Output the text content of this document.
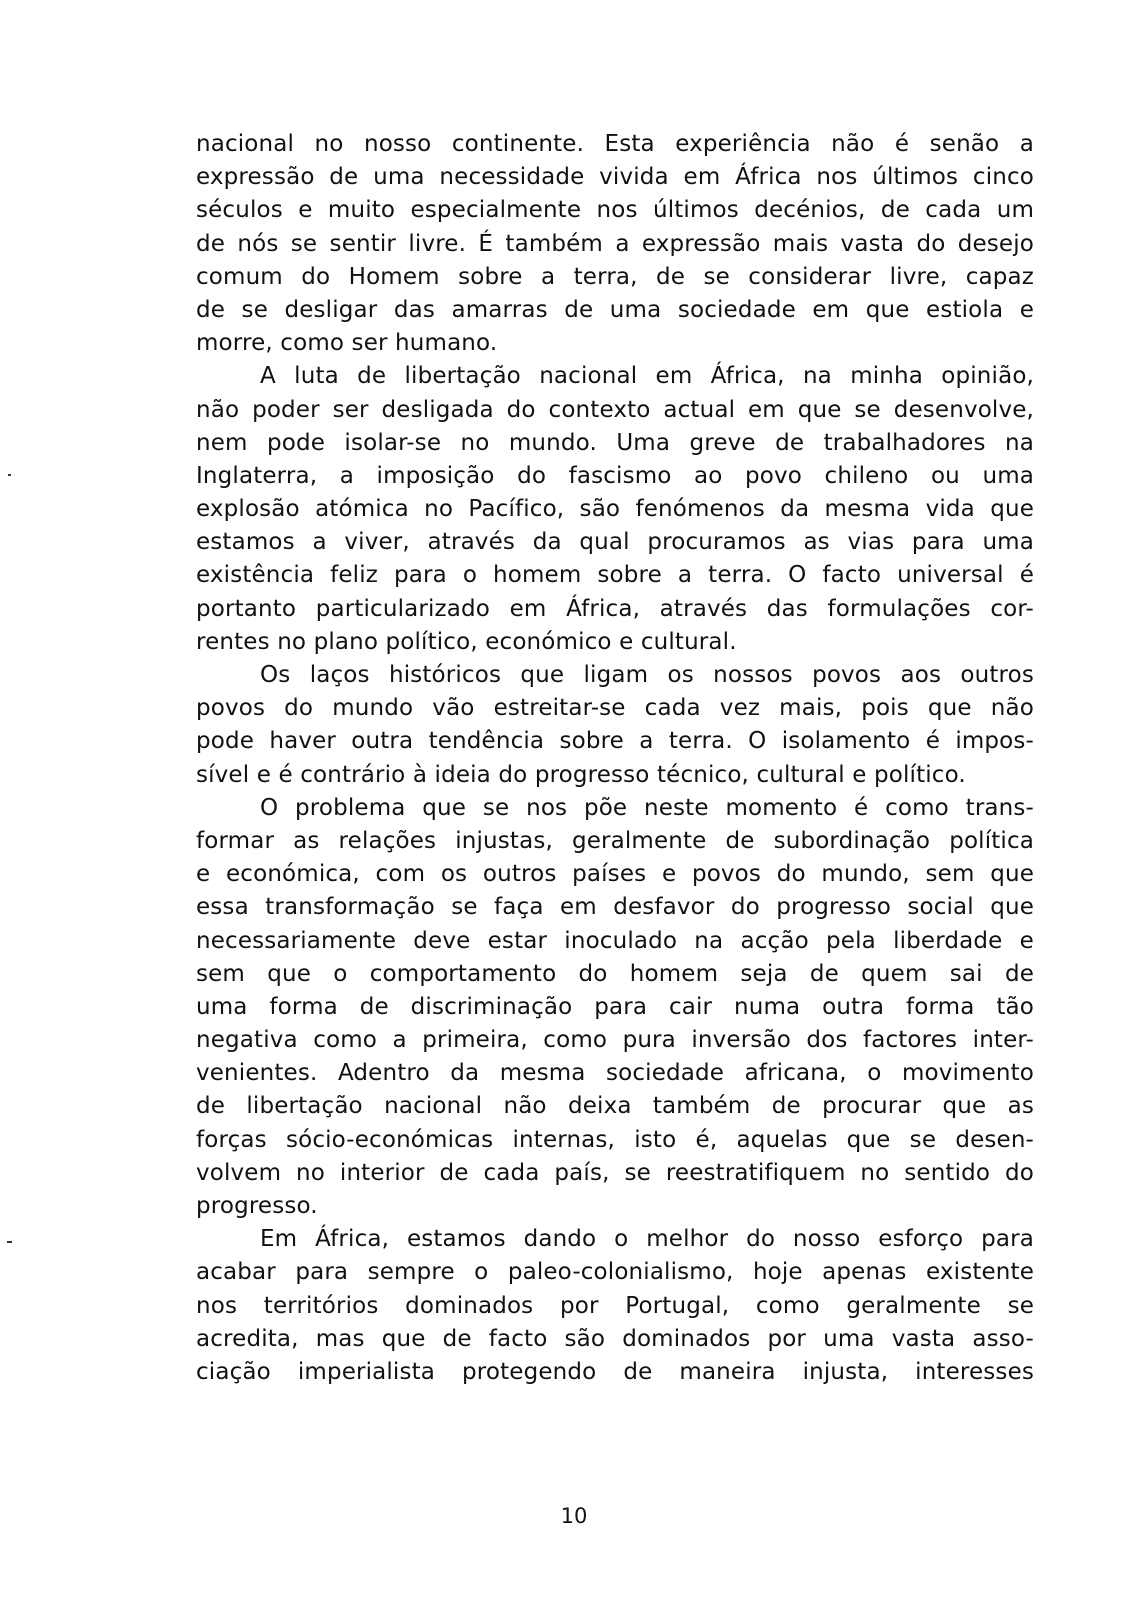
nacional no nosso continente. Esta experiência não é senão a
expressão de uma necessidade vivida em África nos últimos cinco
séculos e muito especialmente nos últimos decénios, de cada um
de nós se sentir livre. É também a expressão mais vasta do desejo
comum do Homem sobre a terra, de se considerar livre, capaz
de se desligar das amarras de uma sociedade em que estiola e
morre, como ser humano.
A luta de libertação nacional em África, na minha opinião,
não poder ser desligada do contexto actual em que se desenvolve,
nem pode isolar-se no mundo. Uma greve de trabalhadores na
Inglaterra, a imposição do fascismo ao povo chileno ou uma
explosão atómica no Pacífico, são fenómenos da mesma vida que
estamos a viver, através da qual procuramos as vias para uma
existência feliz para o homem sobre a terra. O facto universal é
portanto particularizado em África, através das formulações cor-
rentes no plano político, económico e cultural.
Os laços históricos que ligam os nossos povos aos outros
povos do mundo vão estreitar-se cada vez mais, pois que não
pode haver outra tendência sobre a terra. O isolamento é impos-
sível e é contrário à ideia do progresso técnico, cultural e político.
O problema que se nos põe neste momento é como trans-
formar as relações injustas, geralmente de subordinação política
e económica, com os outros países e povos do mundo, sem que
essa transformação se faça em desfavor do progresso social que
necessariamente deve estar inoculado na acção pela liberdade e
sem que o comportamento do homem seja de quem sai de
uma forma de discriminação para cair numa outra forma tão
negativa como a primeira, como pura inversão dos factores inter-
venientes. Adentro da mesma sociedade africana, o movimento
de libertação nacional não deixa também de procurar que as
forças sócio-económicas internas, isto é, aquelas que se desen-
volvem no interior de cada país, se reestratifiquem no sentido do
progresso.
Em África, estamos dando o melhor do nosso esforço para
acabar para sempre o paleo-colonialismo, hoje apenas existente
nos territórios dominados por Portugal, como geralmente se
acredita, mas que de facto são dominados por uma vasta asso-
ciação imperialista protegendo de maneira injusta, interesses
10
